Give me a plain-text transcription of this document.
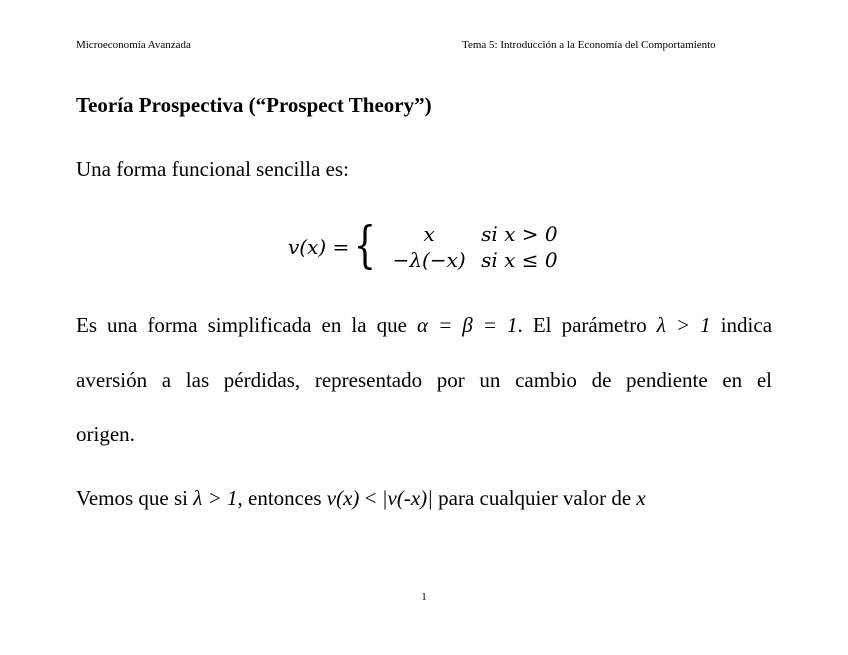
Microeconomía Avanzada	Tema 5: Introducción a la Economía del Comportamiento
Teoría Prospectiva (“Prospect Theory”)
Una forma funcional sencilla es:
v(x) = {	x	si x > 0
−λ(−x) si x ≤ 0
Es una forma simplificada en la que α = β = 1. El parámetro λ > 1 indica
aversión a las pérdidas, representado por un cambio de pendiente en el
origen.
Vemos que si λ > 1, entonces v(x) < |v(-x)| para cualquier valor de x
1
